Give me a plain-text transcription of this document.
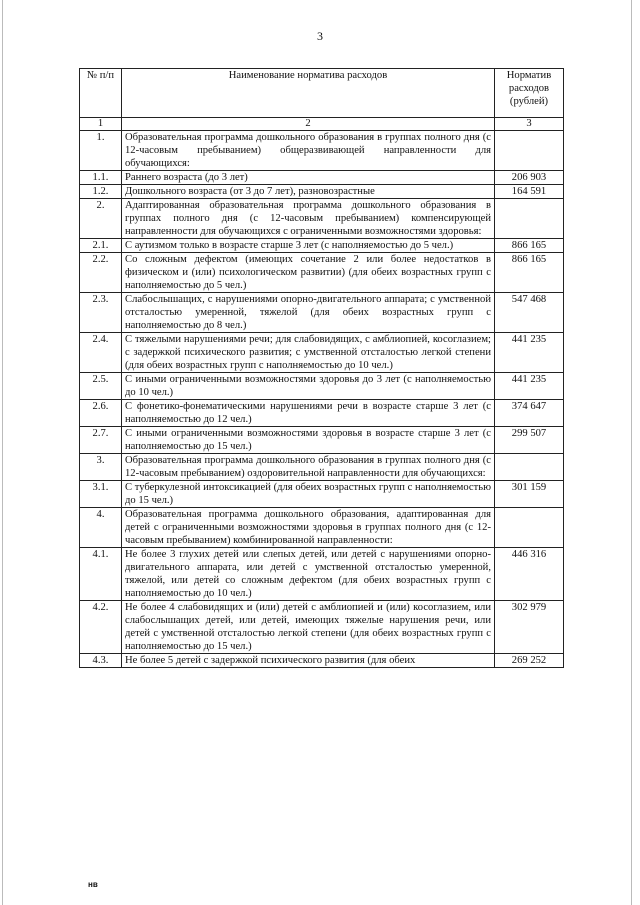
3
№ п/п	Наименование норматива расходов	Норматив расходов (рублей)
1	2	3
1.	Образовательная программа дошкольного образования в группах полного дня (с 12-часовым пребыванием) общеразвивающей направленности для обучающихся:	
1.1.	Раннего возраста (до 3 лет)	206 903
1.2.	Дошкольного возраста (от 3 до 7 лет), разновозрастные	164 591
2.	Адаптированная образовательная программа дошкольного образования в группах полного дня (с 12-часовым пребыванием) компенсирующей направленности для обучающихся с ограниченными возможностями здоровья:	
2.1.	С аутизмом только в возрасте старше 3 лет (с наполняемостью до 5 чел.)	866 165
2.2.	Со сложным дефектом (имеющих сочетание 2 или более недостатков в физическом и (или) психологическом развитии) (для обеих возрастных групп с наполняемостью до 5 чел.)	866 165
2.3.	Слабослышащих, с нарушениями опорно-двигательного аппарата; с умственной отсталостью умеренной, тяжелой (для обеих возрастных групп с наполняемостью до 8 чел.)	547 468
2.4.	С тяжелыми нарушениями речи; для слабовидящих, с амблиопией, косоглазием; с задержкой психического развития; с умственной отсталостью легкой степени (для обеих возрастных групп с наполняемостью до 10 чел.)	441 235
2.5.	С иными ограниченными возможностями здоровья до 3 лет (с наполняемостью до 10 чел.)	441 235
2.6.	С фонетико-фонематическими нарушениями речи в возрасте старше 3 лет (с наполняемостью до 12 чел.)	374 647
2.7.	С иными ограниченными возможностями здоровья в возрасте старше 3 лет (с наполняемостью до 15 чел.)	299 507
3.	Образовательная программа дошкольного образования в группах полного дня (с 12-часовым пребыванием) оздоровительной направленности для обучающихся:	
3.1.	С туберкулезной интоксикацией (для обеих возрастных групп с наполняемостью до 15 чел.)	301 159
4.	Образовательная программа дошкольного образования, адаптированная для детей с ограниченными возможностями здоровья в группах полного дня (с 12-часовым пребыванием) комбинированной направленности:	
4.1.	Не более 3 глухих детей или слепых детей, или детей с нарушениями опорно-двигательного аппарата, или детей с умственной отсталостью умеренной, тяжелой, или детей со сложным дефектом (для обеих возрастных групп с наполняемостью до 10 чел.)	446 316
4.2.	Не более 4 слабовидящих и (или) детей с амблиопией и (или) косоглазием, или слабослышащих детей, или детей, имеющих тяжелые нарушения речи, или детей с умственной отсталостью легкой степени (для обеих возрастных групп с наполняемостью до 15 чел.)	302 979
4.3.	Не более 5 детей с задержкой психического развития (для обеих	269 252
нв
